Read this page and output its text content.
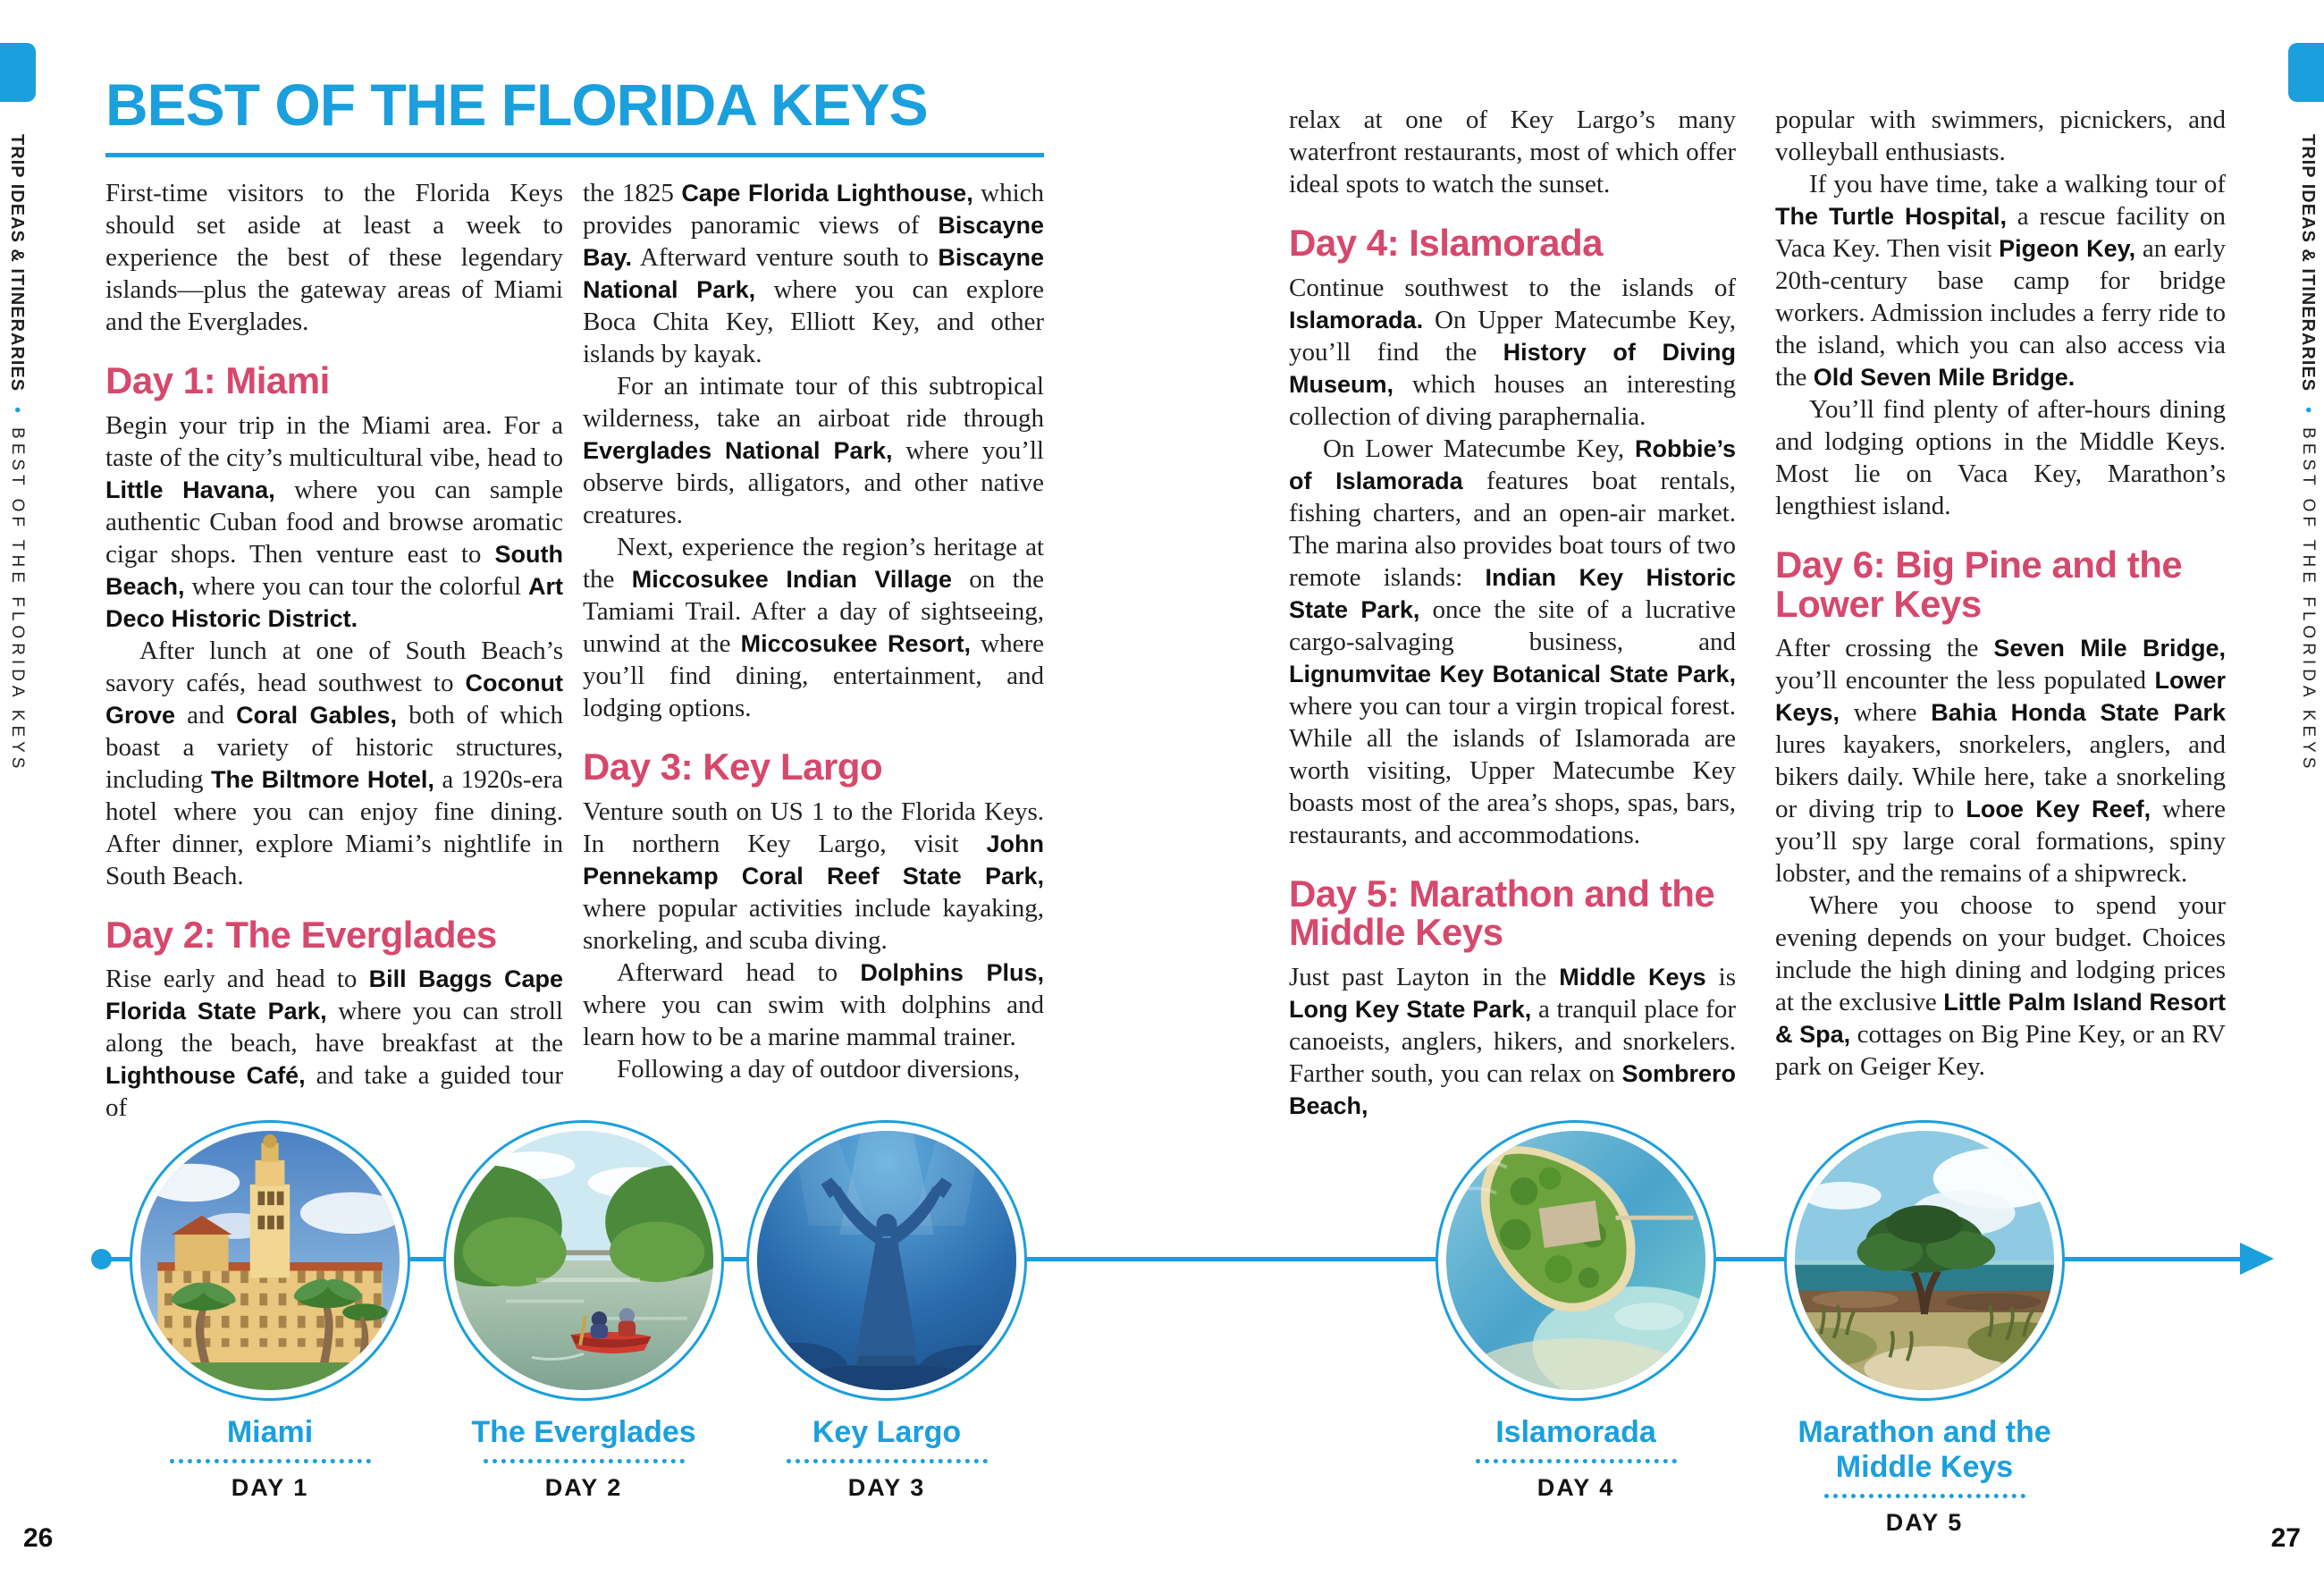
TRIP IDEAS & ITINERARIES • BEST OF THE FLORIDA KEYS
TRIP IDEAS & ITINERARIES • BEST OF THE FLORIDA KEYS
BEST OF THE FLORIDA KEYS

First-time visitors to the Florida Keys should set aside at least a week to experience the best of these legendary islands—plus the gateway areas of Miami and the Everglades.

Day 1: Miami

Begin your trip in the Miami area. For a taste of the city’s multicultural vibe, head to Little Havana, where you can sample authentic Cuban food and browse aromatic cigar shops. Then venture east to South Beach, where you can tour the colorful Art Deco Historic District.

After lunch at one of South Beach’s savory cafés, head southwest to Coconut Grove and Coral Gables, both of which boast a variety of historic structures, including The Biltmore Hotel, a 1920s-era hotel where you can enjoy fine dining. After dinner, explore Miami’s nightlife in South Beach.

Day 2: The Everglades

Rise early and head to Bill Baggs Cape Florida State Park, where you can stroll along the beach, have breakfast at the Lighthouse Café, and take a guided tour of

the 1825 Cape Florida Lighthouse, which provides panoramic views of Biscayne Bay. Afterward venture south to Biscayne National Park, where you can explore Boca Chita Key, Elliott Key, and other islands by kayak.

For an intimate tour of this subtropical wilderness, take an airboat ride through Everglades National Park, where you’ll observe birds, alligators, and other native creatures.

Next, experience the region’s heritage at the Miccosukee Indian Village on the Tamiami Trail. After a day of sightseeing, unwind at the Miccosukee Resort, where you’ll find dining, entertainment, and lodging options.

Day 3: Key Largo

Venture south on US 1 to the Florida Keys. In northern Key Largo, visit John Pennekamp Coral Reef State Park, where popular activities include kayaking, snorkeling, and scuba diving.

Afterward head to Dolphins Plus, where you can swim with dolphins and learn how to be a marine mammal trainer.

Following a day of outdoor diversions,

relax at one of Key Largo’s many waterfront restaurants, most of which offer ideal spots to watch the sunset.

Day 4: Islamorada

Continue southwest to the islands of Islamorada. On Upper Matecumbe Key, you’ll find the History of Diving Museum, which houses an interesting collection of diving paraphernalia.

On Lower Matecumbe Key, Robbie’s of Islamorada features boat rentals, fishing charters, and an open-air market. The marina also provides boat tours of two remote islands: Indian Key Historic State Park, once the site of a lucrative cargo-salvaging business, and Lignumvitae Key Botanical State Park, where you can tour a virgin tropical forest. While all the islands of Islamorada are worth visiting, Upper Matecumbe Key boasts most of the area’s shops, spas, bars, restaurants, and accommodations.

Day 5: Marathon and the Middle Keys

Just past Layton in the Middle Keys is Long Key State Park, a tranquil place for canoeists, anglers, hikers, and snorkelers. Farther south, you can relax on Sombrero Beach,

popular with swimmers, picnickers, and volleyball enthusiasts.

If you have time, take a walking tour of The Turtle Hospital, a rescue facility on Vaca Key. Then visit Pigeon Key, an early 20th-century base camp for bridge workers. Admission includes a ferry ride to the island, which you can also access via the Old Seven Mile Bridge.

You’ll find plenty of after-hours dining and lodging options in the Middle Keys. Most lie on Vaca Key, Marathon’s lengthiest island.

Day 6: Big Pine and the Lower Keys

After crossing the Seven Mile Bridge, you’ll encounter the less populated Lower Keys, where Bahia Honda State Park lures kayakers, snorkelers, anglers, and bikers daily. While here, take a snorkeling or diving trip to Looe Key Reef, where you’ll spy large coral formations, spiny lobster, and the remains of a shipwreck.

Where you choose to spend your evening depends on your budget. Choices include the high dining and lodging prices at the exclusive Little Palm Island Resort & Spa, cottages on Big Pine Key, or an RV park on Geiger Key.

Miami
DAY 1
The Everglades
DAY 2
Key Largo
DAY 3
Islamorada
DAY 4
Marathon and the Middle Keys
DAY 5
26	27
